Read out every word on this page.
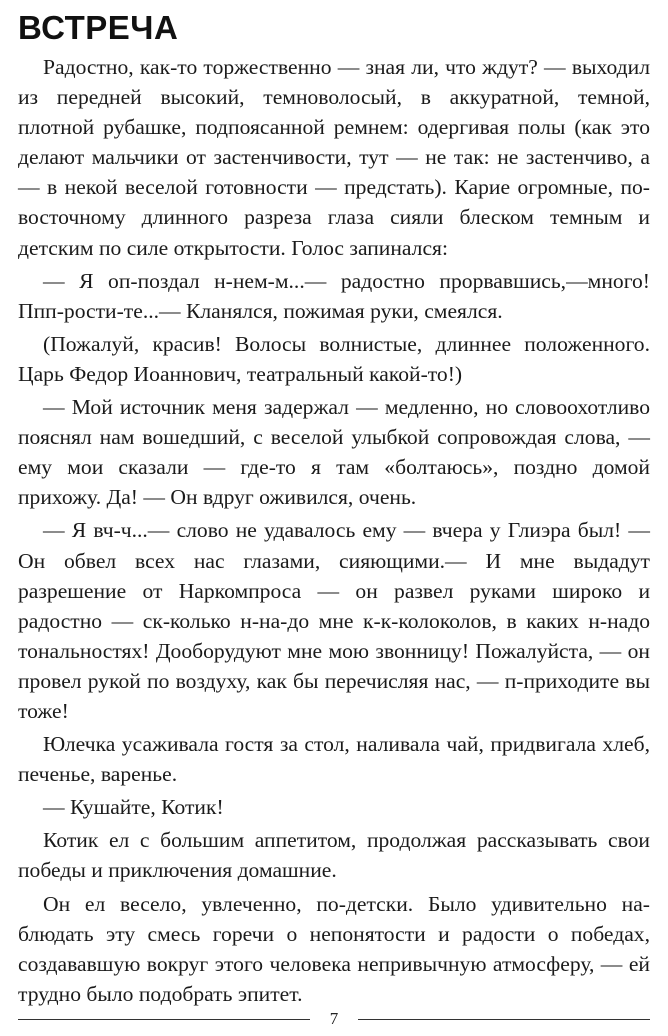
ВСТРЕЧА

Радостно, как-то торжественно — зная ли, что ждут? — выходил из передней высокий, темноволосый, в аккуратной, темной, плотной рубашке, подпоясанной ремнем: одергивая полы (как это делают мальчики от застенчивости, тут — не так: не застенчиво, а — в некой веселой готовности — предстать). Карие огромные, по-восточному длинного разреза глаза сияли блеском темным и детским по силе открытости. Голос запинался:

— Я оп-поздал н-нем-м...— радостно прорвавшись,—много! Ппп-рости-те...— Кланялся, пожимая руки, смеялся.

(Пожалуй, красив! Волосы волнистые, длиннее положенного. Царь Федор Иоаннович, театральный какой-то!)

— Мой источник меня задержал — медленно, но словоохотливо пояснял нам вошедший, с веселой улыбкой сопровождая слова, — ему мои сказали — где-то я там «болтаюсь», поздно домой прихожу. Да! — Он вдруг оживился, очень.

— Я вч-ч...— слово не удавалось ему — вчера у Глиэра был! — Он обвел всех нас глазами, сияющими.— И мне выдадут разрешение от Наркомпроса — он развел руками широко и радостно — ск-колько н-на-до мне к-к-колоколов, в каких н-надо тональностях! Дооборудуют мне мою звонницу! Пожалуйста, — он провел рукой по воздуху, как бы перечисляя нас, — п-приходите вы тоже!

Юлечка усаживала гостя за стол, наливала чай, придвигала хлеб, печенье, варенье.

— Кушайте, Котик!

Котик ел с большим аппетитом, продолжая рассказывать свои победы и приключения домашние.

Он ел весело, увлеченно, по-детски. Было удивительно наблюдать эту смесь горечи о непонятости и радости о победах, создававшую вокруг этого человека непривычную атмосферу, — ей трудно было подобрать эпитет.

7
